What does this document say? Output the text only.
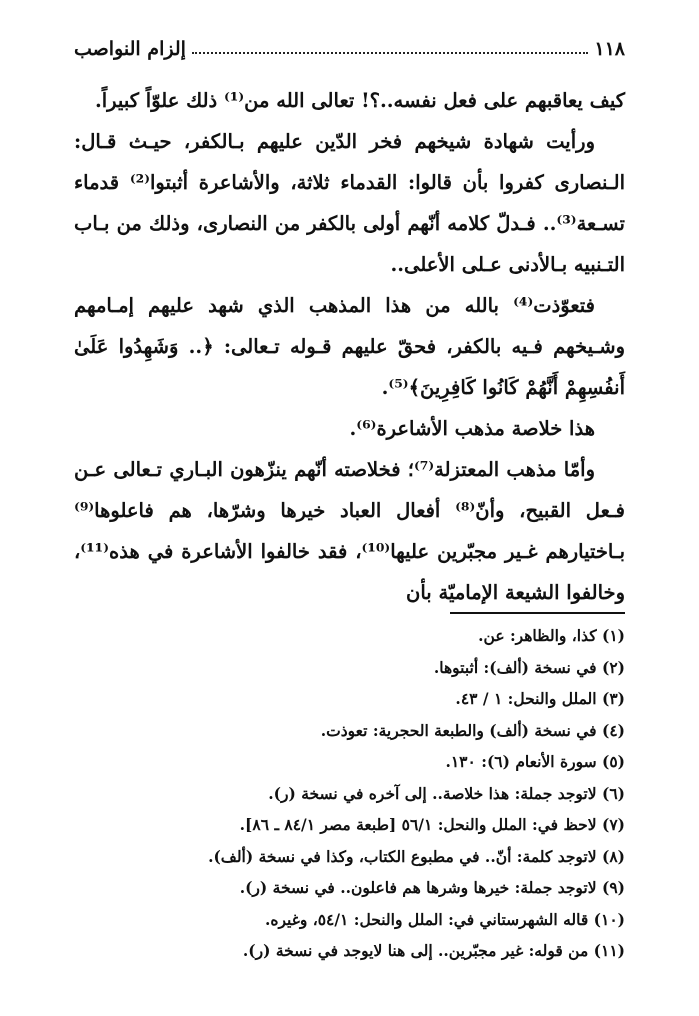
١١٨
إلزام النواصب

كيف يعاقبهم على فعل نفسه..؟! تعالى الله من⁽¹⁾ ذلك علوّاً كبيراً.

ورأيت شهادة شيخهم فخر الدّين عليهم بـالكفر، حيـث قـال: الـنصارى كفروا بأن قالوا: القدماء ثلاثة، والأشاعرة أثبتوا⁽²⁾ قدماء تسـعة⁽³⁾.. فـدلّ كلامه أنّهم أولى بالكفر من النصارى، وذلك من بـاب التـنبيه بـالأدنى عـلى الأعلى..

فتعوّذت⁽⁴⁾ بالله من هذا المذهب الذي شهد عليهم إمـامهم وشـيخهم فـيه بالكفر، فحقّ عليهم قـوله تـعالى: ﴿.. وَشَهِدُوا عَلَىٰ أَنفُسِهِمْ أَنَّهُمْ كَانُوا كَافِرِينَ﴾⁽⁵⁾.

هذا خلاصة مذهب الأشاعرة⁽⁶⁾.

وأمّا مذهب المعتزلة⁽⁷⁾؛ فخلاصته أنّهم ينزّهون البـاري تـعالى عـن فـعل القبيح، وأنّ⁽⁸⁾ أفعال العباد خيرها وشرّها، هم فاعلوها⁽⁹⁾ بـاختيارهم غـير مجبّرين عليها⁽¹⁰⁾، فقد خالفوا الأشاعرة في هذه⁽¹¹⁾، وخالفوا الشيعة الإماميّة بأن

(١) كذا، والظاهر: عن.
(٢) في نسخة (ألف): أثبتوها.
(٣) الملل والنحل: ١ / ٤٣.
(٤) في نسخة (ألف) والطبعة الحجرية: تعوذت.
(٥) سورة الأنعام (٦): ١٣٠.
(٦) لاتوجد جملة: هذا خلاصة.. إلى آخره في نسخة (ر).
(٧) لاحظ في: الملل والنحل: ٥٦/١ [طبعة مصر ٨٤/١ ـ ٨٦].
(٨) لاتوجد كلمة: أنّ.. في مطبوع الكتاب، وكذا في نسخة (ألف).
(٩) لاتوجد جملة: خيرها وشرها هم فاعلون.. في نسخة (ر).
(١٠) قاله الشهرستاني في: الملل والنحل: ٥٤/١، وغيره.
(١١) من قوله: غير مجبّرين.. إلى هنا لايوجد في نسخة (ر).
